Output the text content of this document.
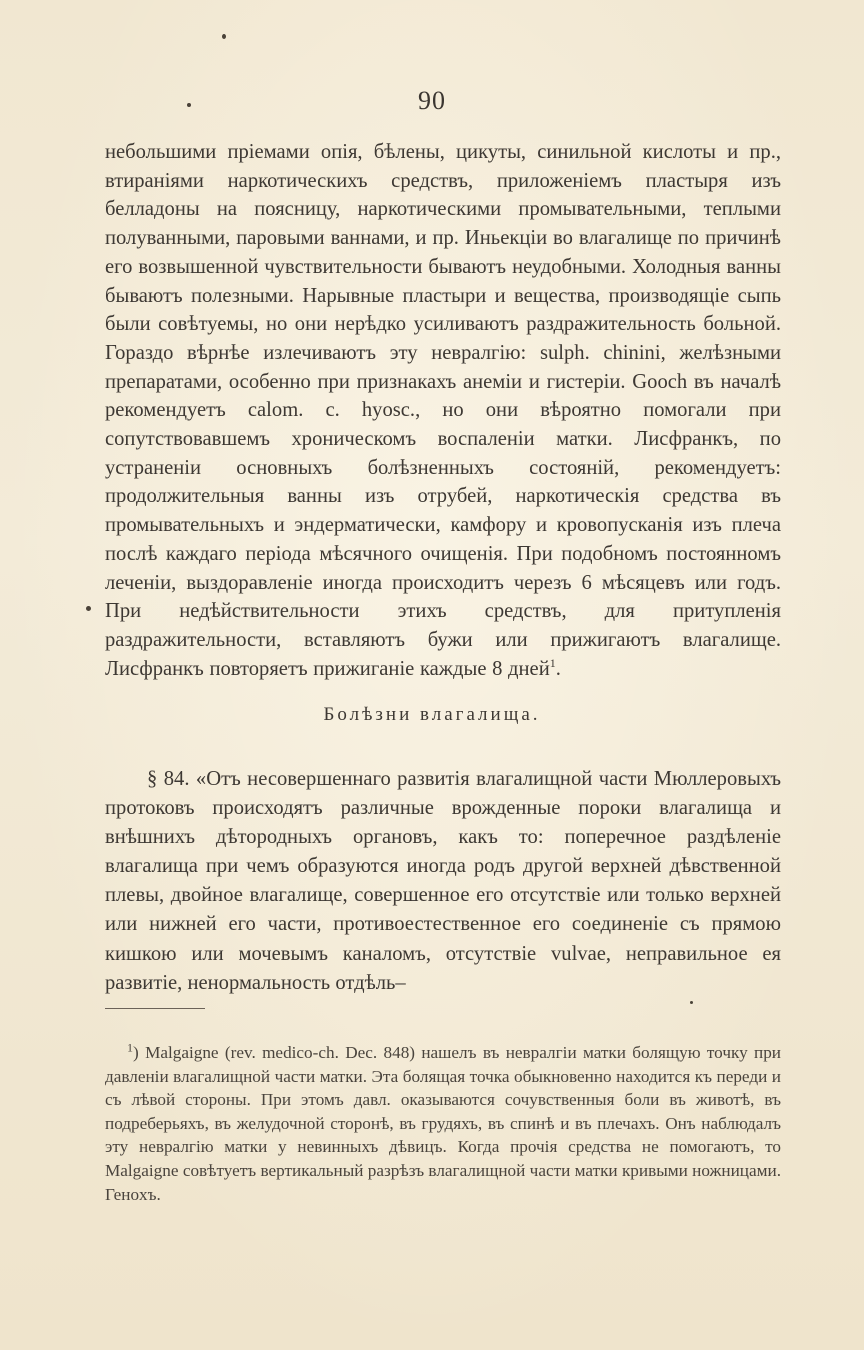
90

небольшими пріемами опія, бѣлены, цикуты, синильной кислоты и пр., втираніями наркотическихъ средствъ, приложеніемъ пластыря изъ белладоны на поясницу, наркотическими промывательными, теплыми полуванными, паровыми ваннами, и пр. Иньекціи во влагалище по причинѣ его возвышенной чувствительности бываютъ неудобными. Холодныя ванны бываютъ полезными. Нарывные пластыри и вещества, производящіе сыпь были совѣтуемы, но они нерѣдко усиливаютъ раздражительность больной. Гораздо вѣрнѣе излечиваютъ эту невралгію: sulph. chinini, желѣзными препаратами, особенно при признакахъ анеміи и гистеріи. Gooch въ началѣ рекомендуетъ calom. c. hyosc., но они вѣроятно помогали при сопутствовавшемъ хроническомъ воспаленіи матки. Лисфранкъ, по устраненіи основныхъ болѣзненныхъ состояній, рекомендуетъ: продолжительныя ванны изъ отрубей, наркотическія средства въ промывательныхъ и эндерматически, камфору и кровопусканія изъ плеча послѣ каждаго періода мѣсячного очищенія. При подобномъ постоянномъ леченіи, выздоравленіе иногда происходитъ черезъ 6 мѣсяцевъ или годъ. При недѣйствительности этихъ средствъ, для притупленія раздражительности, вставляютъ бужи или прижигаютъ влагалище. Лисфранкъ повторяетъ прижиганіе каждые 8 дней$^1$.

Болѣзни влагалища.

§ 84. «Отъ несовершеннаго развитія влагалищной части Мюллеровыхъ протоковъ происходятъ различные врожденные пороки влагалища и внѣшнихъ дѣтородныхъ органовъ, какъ то: поперечное раздѣленіе влагалища при чемъ образуются иногда родъ другой верхней дѣвственной плевы, двойное влагалище, совершенное его отсутствіе или только верхней или нижней его части, противоестественное его соединеніе съ прямою кишкою или мочевымъ каналомъ, отсутствіе vulvae, неправильное ея развитіе, ненормальность отдѣль–

$^1$) Malgaigne (rev. medico-ch. Dec. 848) нашелъ въ невралгіи матки болящую точку при давленіи влагалищной части матки. Эта болящая точка обыкновенно находится къ переди и съ лѣвой стороны. При этомъ давл. оказываются сочувственныя боли въ животѣ, въ подреберьяхъ, въ желудочной сторонѣ, въ грудяхъ, въ спинѣ и въ плечахъ. Онъ наблюдалъ эту невралгію матки у невинныхъ дѣвицъ. Когда прочія средства не помогаютъ, то Malgaigne совѣтуетъ вертикальный разрѣзъ влагалищной части матки кривыми ножницами. Геноxъ.
